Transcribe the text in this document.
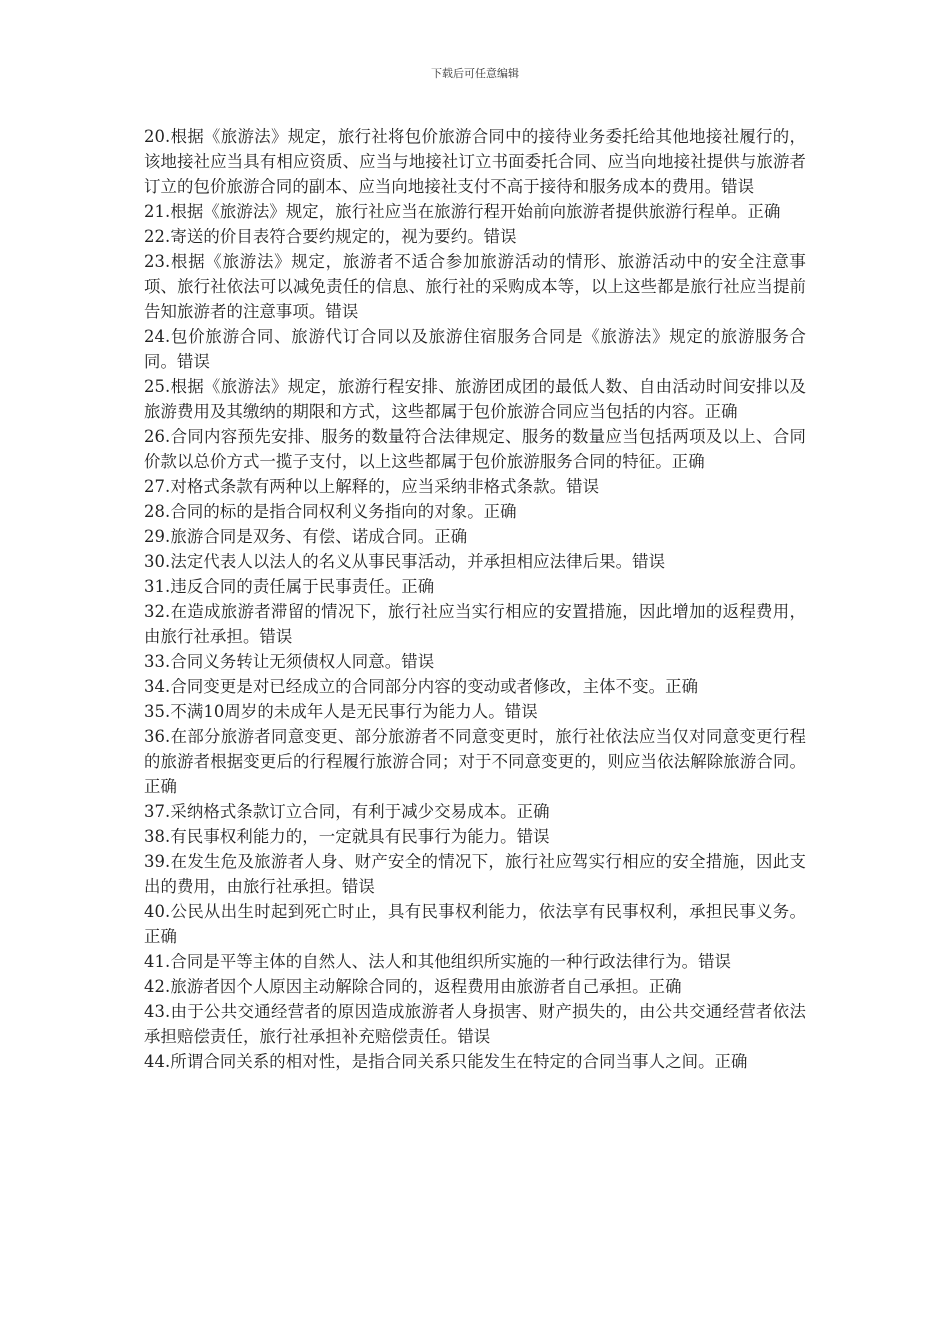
下载后可任意编辑

20.根据《旅游法》规定，旅行社将包价旅游合同中的接待业务委托给其他地接社履行的，该地接社应当具有相应资质、应当与地接社订立书面委托合同、应当向地接社提供与旅游者订立的包价旅游合同的副本、应当向地接社支付不高于接待和服务成本的费用。错误

21.根据《旅游法》规定，旅行社应当在旅游行程开始前向旅游者提供旅游行程单。正确

22.寄送的价目表符合要约规定的，视为要约。错误

23.根据《旅游法》规定，旅游者不适合参加旅游活动的情形、旅游活动中的安全注意事项、旅行社依法可以减免责任的信息、旅行社的采购成本等，以上这些都是旅行社应当提前告知旅游者的注意事项。错误

24.包价旅游合同、旅游代订合同以及旅游住宿服务合同是《旅游法》规定的旅游服务合同。错误

25.根据《旅游法》规定，旅游行程安排、旅游团成团的最低人数、自由活动时间安排以及旅游费用及其缴纳的期限和方式，这些都属于包价旅游合同应当包括的内容。正确

26.合同内容预先安排、服务的数量符合法律规定、服务的数量应当包括两项及以上、合同价款以总价方式一揽子支付，以上这些都属于包价旅游服务合同的特征。正确

27.对格式条款有两种以上解释的，应当采纳非格式条款。错误

28.合同的标的是指合同权利义务指向的对象。正确

29.旅游合同是双务、有偿、诺成合同。正确

30.法定代表人以法人的名义从事民事活动，并承担相应法律后果。错误

31.违反合同的责任属于民事责任。正确

32.在造成旅游者滞留的情况下，旅行社应当实行相应的安置措施，因此增加的返程费用，由旅行社承担。错误

33.合同义务转让无须债权人同意。错误

34.合同变更是对已经成立的合同部分内容的变动或者修改，主体不变。正确

35.不满10周岁的未成年人是无民事行为能力人。错误

36.在部分旅游者同意变更、部分旅游者不同意变更时，旅行社依法应当仅对同意变更行程的旅游者根据变更后的行程履行旅游合同；对于不同意变更的，则应当依法解除旅游合同。正确

37.采纳格式条款订立合同，有利于减少交易成本。正确

38.有民事权利能力的，一定就具有民事行为能力。错误

39.在发生危及旅游者人身、财产安全的情况下，旅行社应驾实行相应的安全措施，因此支出的费用，由旅行社承担。错误

40.公民从出生时起到死亡时止，具有民事权利能力，依法享有民事权利，承担民事义务。正确

41.合同是平等主体的自然人、法人和其他组织所实施的一种行政法律行为。错误

42.旅游者因个人原因主动解除合同的，返程费用由旅游者自己承担。正确

43.由于公共交通经营者的原因造成旅游者人身损害、财产损失的，由公共交通经营者依法承担赔偿责任，旅行社承担补充赔偿责任。错误

44.所谓合同关系的相对性，是指合同关系只能发生在特定的合同当事人之间。正确
